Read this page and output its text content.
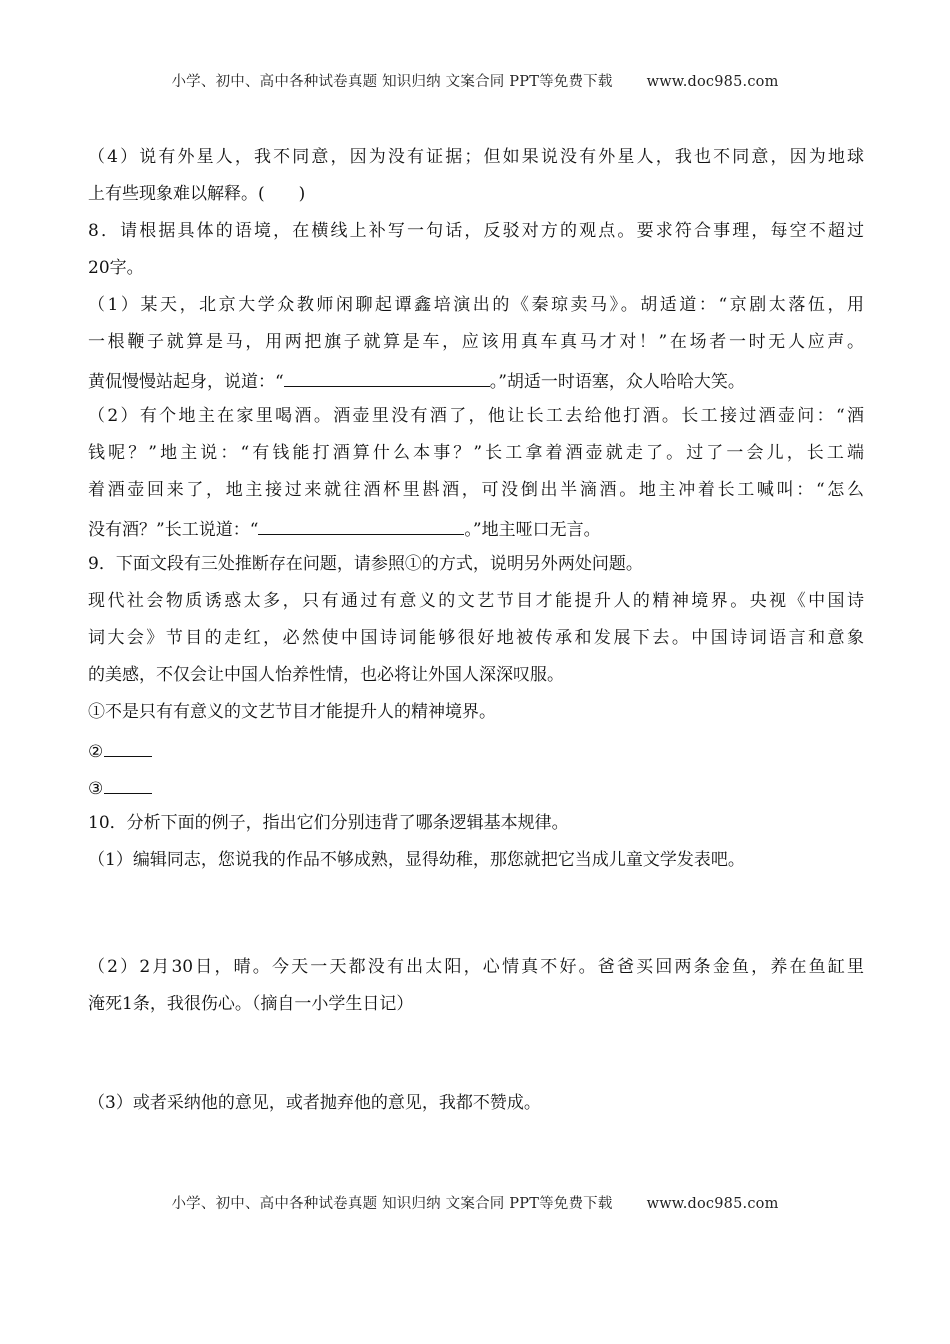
小学、初中、高中各种试卷真题 知识归纳 文案合同 PPT等免费下载 www.doc985.com
（4）说有外星人，我不同意，因为没有证据；但如果说没有外星人，我也不同意，因为地球
上有些现象难以解释。(　　)
8．请根据具体的语境，在横线上补写一句话，反驳对方的观点。要求符合事理，每空不超过
20字。
（1）某天，北京大学众教师闲聊起谭鑫培演出的《秦琼卖马》。胡适道：“京剧太落伍，用
一根鞭子就算是马，用两把旗子就算是车，应该用真车真马才对！”在场者一时无人应声。
黄侃慢慢站起身，说道：“	。”胡适一时语塞，众人哈哈大笑。
（2）有个地主在家里喝酒。酒壶里没有酒了，他让长工去给他打酒。长工接过酒壶问：“酒
钱呢？”地主说：“有钱能打酒算什么本事？”长工拿着酒壶就走了。过了一会儿，长工端
着酒壶回来了，地主接过来就往酒杯里斟酒，可没倒出半滴酒。地主冲着长工喊叫：“怎么
没有酒？”长工说道：“	。”地主哑口无言。
9．下面文段有三处推断存在问题，请参照①的方式，说明另外两处问题。
现代社会物质诱惑太多，只有通过有意义的文艺节目才能提升人的精神境界。央视《中国诗
词大会》节目的走红，必然使中国诗词能够很好地被传承和发展下去。中国诗词语言和意象
的美感，不仅会让中国人怡养性情，也必将让外国人深深叹服。
①不是只有有意义的文艺节目才能提升人的精神境界。
②
③
10．分析下面的例子，指出它们分别违背了哪条逻辑基本规律。
（1）编辑同志，您说我的作品不够成熟，显得幼稚，那您就把它当成儿童文学发表吧。
（2）2月30日，晴。今天一天都没有出太阳，心情真不好。爸爸买回两条金鱼，养在鱼缸里
淹死1条，我很伤心。（摘自一小学生日记）
（3）或者采纳他的意见，或者抛弃他的意见，我都不赞成。
小学、初中、高中各种试卷真题 知识归纳 文案合同 PPT等免费下载 www.doc985.com
